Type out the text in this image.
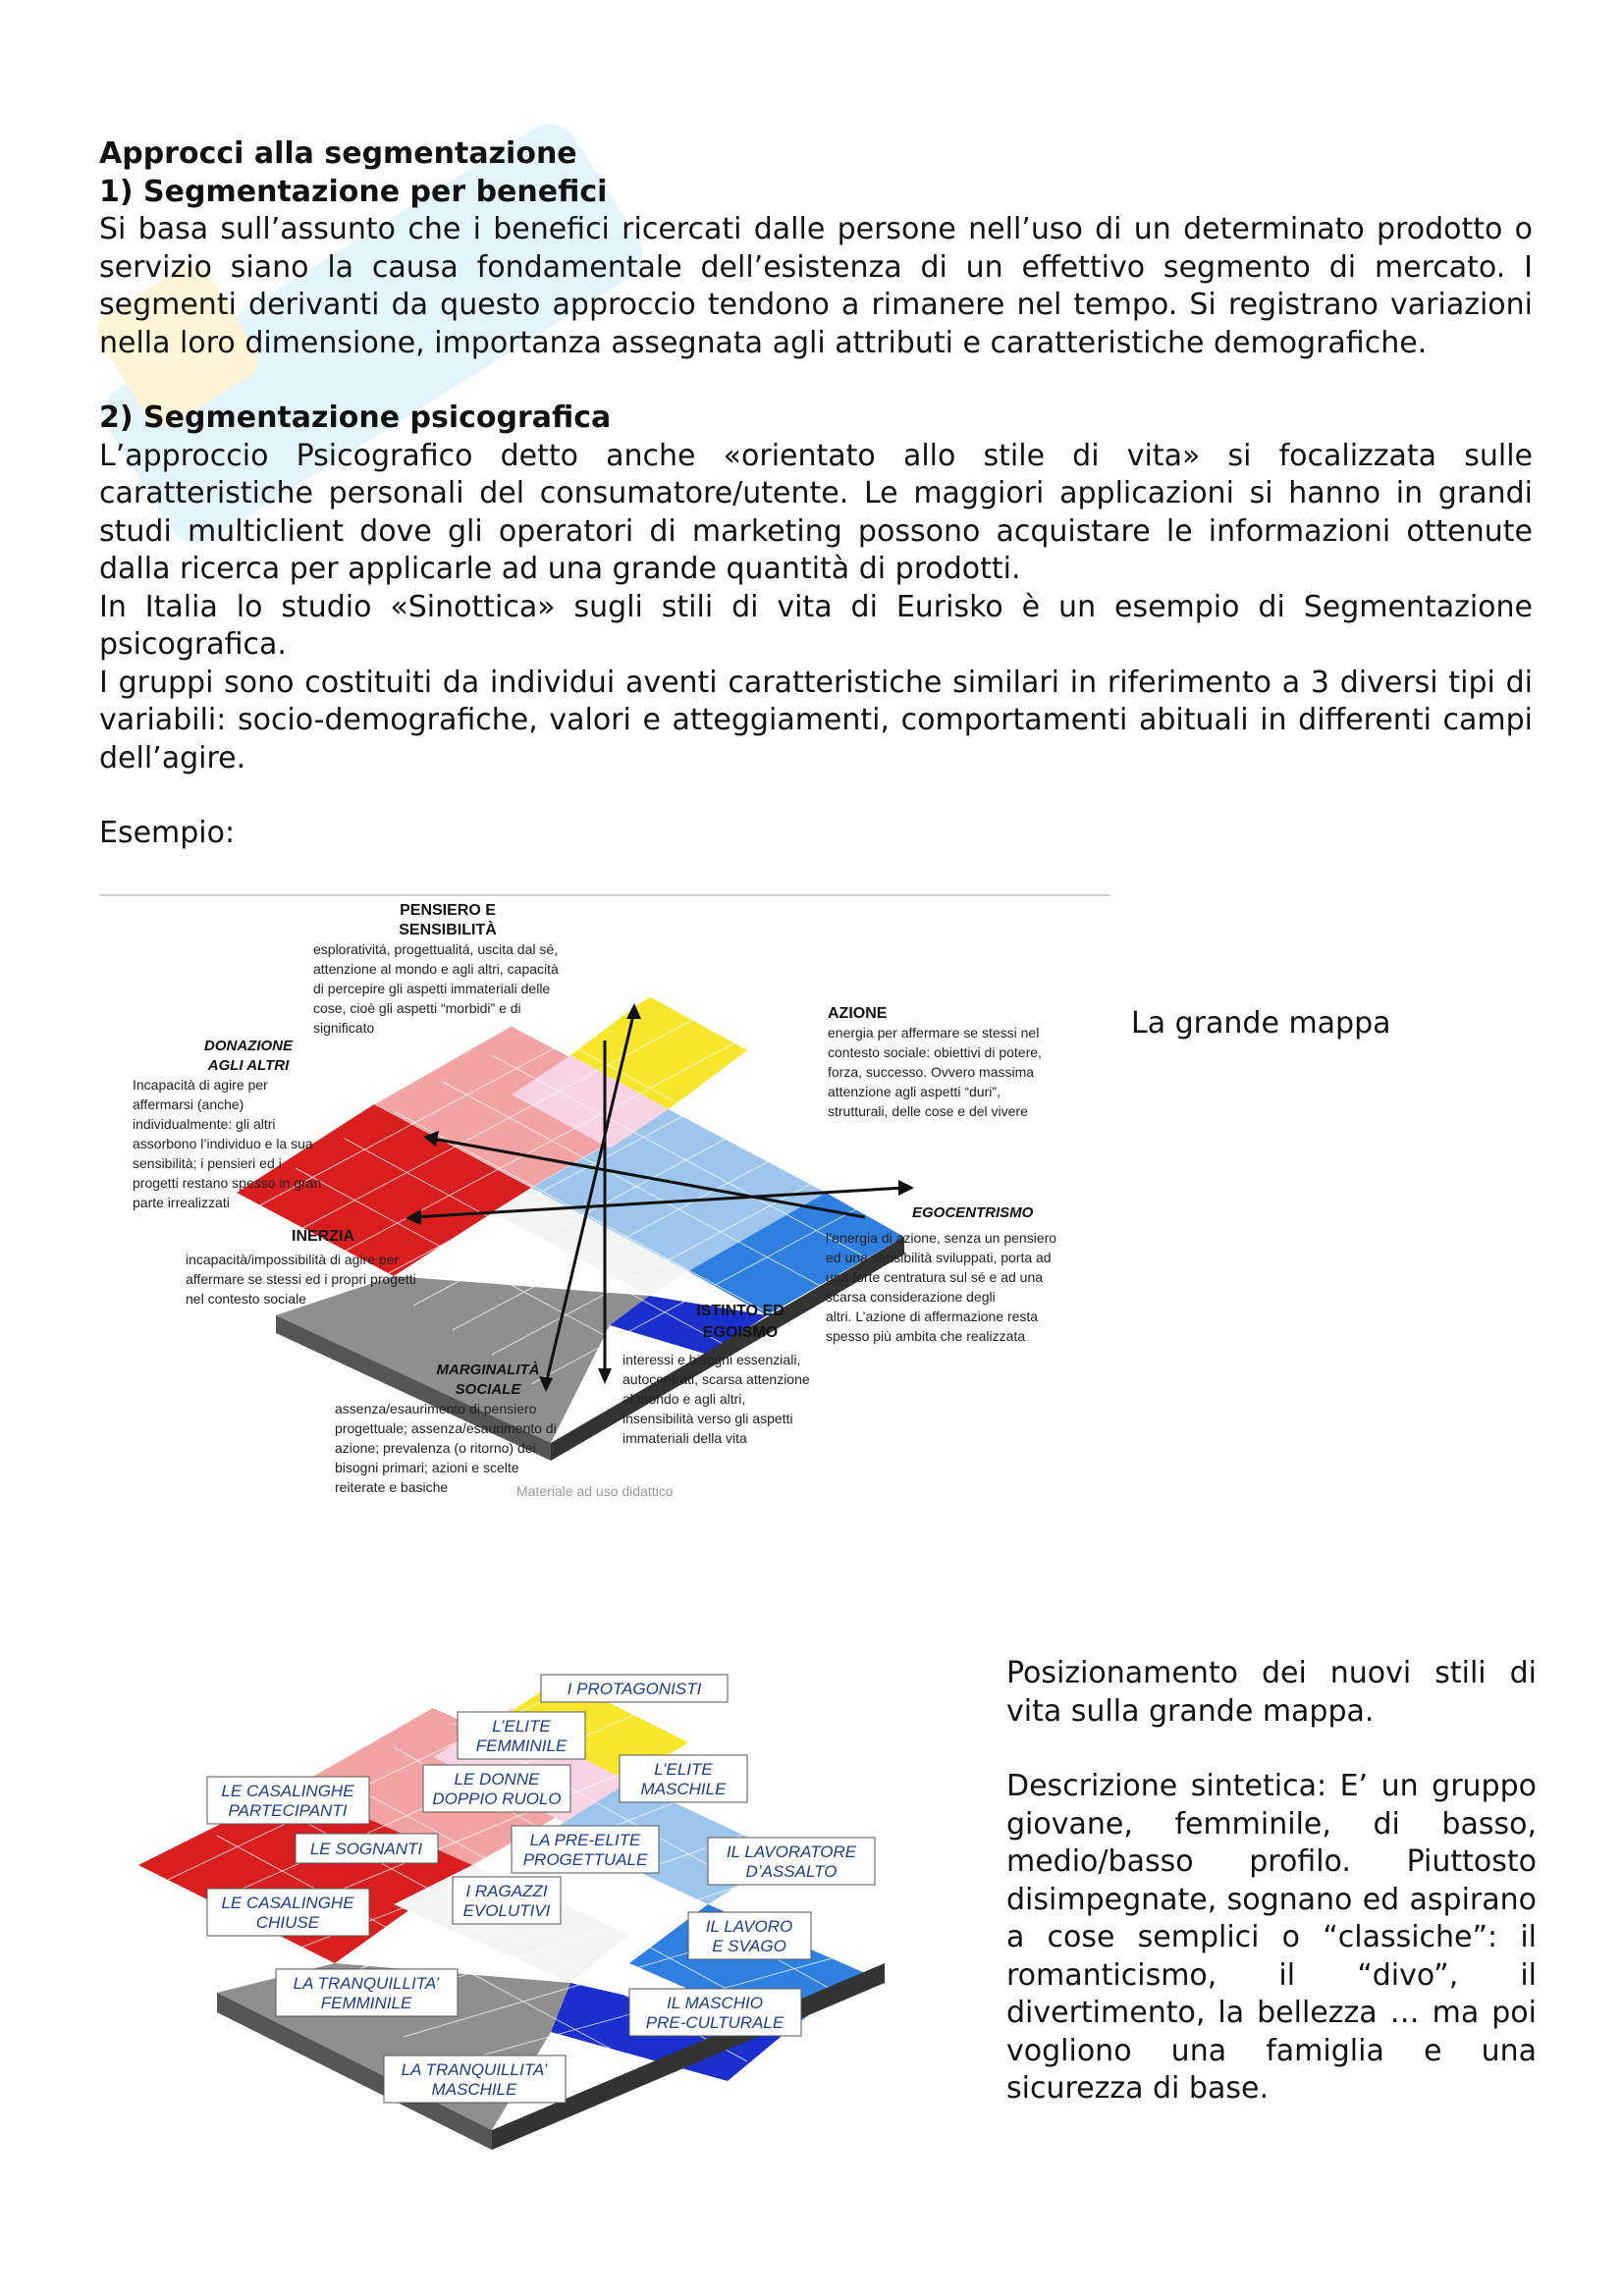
Approcci alla segmentazione

1) Segmentazione per benefici

Si basa sull’assunto che i benefici ricercati dalle persone nell’uso di un determinato prodotto o servizio siano la causa fondamentale dell’esistenza di un effettivo segmento di mercato. I segmenti derivanti da questo approccio tendono a rimanere nel tempo. Si registrano variazioni nella loro dimensione, importanza assegnata agli attributi e caratteristiche demografiche.

2) Segmentazione psicografica

L’approccio Psicografico detto anche «orientato allo stile di vita» si focalizzata sulle caratteristiche personali del consumatore/utente. Le maggiori applicazioni si hanno in grandi studi multiclient dove gli operatori di marketing possono acquistare le informazioni ottenute dalla ricerca per applicarle ad una grande quantità di prodotti.

In Italia lo studio «Sinottica» sugli stili di vita di Eurisko è un esempio di Segmentazione psicografica.

I gruppi sono costituiti da individui aventi caratteristiche similari in riferimento a 3 diversi tipi di variabili: socio-demografiche, valori e atteggiamenti, comportamenti abituali in differenti campi dell’agire.

Esempio:

PENSIERO E
SENSIBILITÀ
esplorativitá, progettualitá, uscita dal sé,
attenzione al mondo e agli altri, capacità
di percepire gli aspetti immateriali delle
cose, cioè gli aspetti “morbidi” e di
significato
AZIONE
energia per affermare se stessi nel
contesto sociale: obiettivi di potere,
forza, successo. Ovvero massima
attenzione agli aspetti “duri”,
strutturali, delle cose e del vivere
DONAZIONE
AGLI ALTRI
Incapacità di agire per
affermarsi (anche)
individualmente: gli altri
assorbono l’individuo e la sua
sensibilità; i pensieri ed i
progetti restano spesso in gran
parte irrealizzati
EGOCENTRISMO
l’energia di azione, senza un pensiero
ed una sensibilità sviluppati, porta ad
una forte centratura sul sé e ad una
scarsa considerazione degli
altri. L’azione di affermazione resta
spesso più ambita che realizzata
INERZIA
incapacità/impossibilità di agire per
affermare se stessi ed i propri progetti
nel contesto sociale
ISTINTO ED
EGOISMO
interessi e bisogni essenziali,
autocentrati, scarsa attenzione
al mondo e agli altri,
insensibilità verso gli aspetti
immateriali della vita
MARGINALITÀ
SOCIALE
assenza/esaurimento di pensiero
progettuale; assenza/esaurimento di
azione; prevalenza (o ritorno) dei
bisogni primari; azioni e scelte
reiterate e basiche	Materiale ad uso didattico
La grande mappa
I PROTAGONISTI
L’ELITE
FEMMINILE
L’ELITE
MASCHILE
LE DONNE
DOPPIO RUOLO
LE CASALINGHE
PARTECIPANTI
LE SOGNANTI	LA PRE-ELITE
PROGETTUALE	IL LAVORATORE
D’ASSALTO
LE CASALINGHE
CHIUSE
I RAGAZZI
EVOLUTIVI
IL LAVORO
E SVAGO
LA TRANQUILLITA’
FEMMINILE	IL MASCHIO
PRE-CULTURALE
LA TRANQUILLITA’
MASCHILE

Posizionamento dei nuovi stili di vita sulla grande mappa.

Descrizione sintetica: E’ un gruppo giovane, femminile, di basso, medio/basso profilo. Piuttosto disimpegnate, sognano ed aspirano a cose semplici o “classiche”: il romanticismo, il “divo”, il divertimento, la bellezza … ma poi vogliono una famiglia e una sicurezza di base.
